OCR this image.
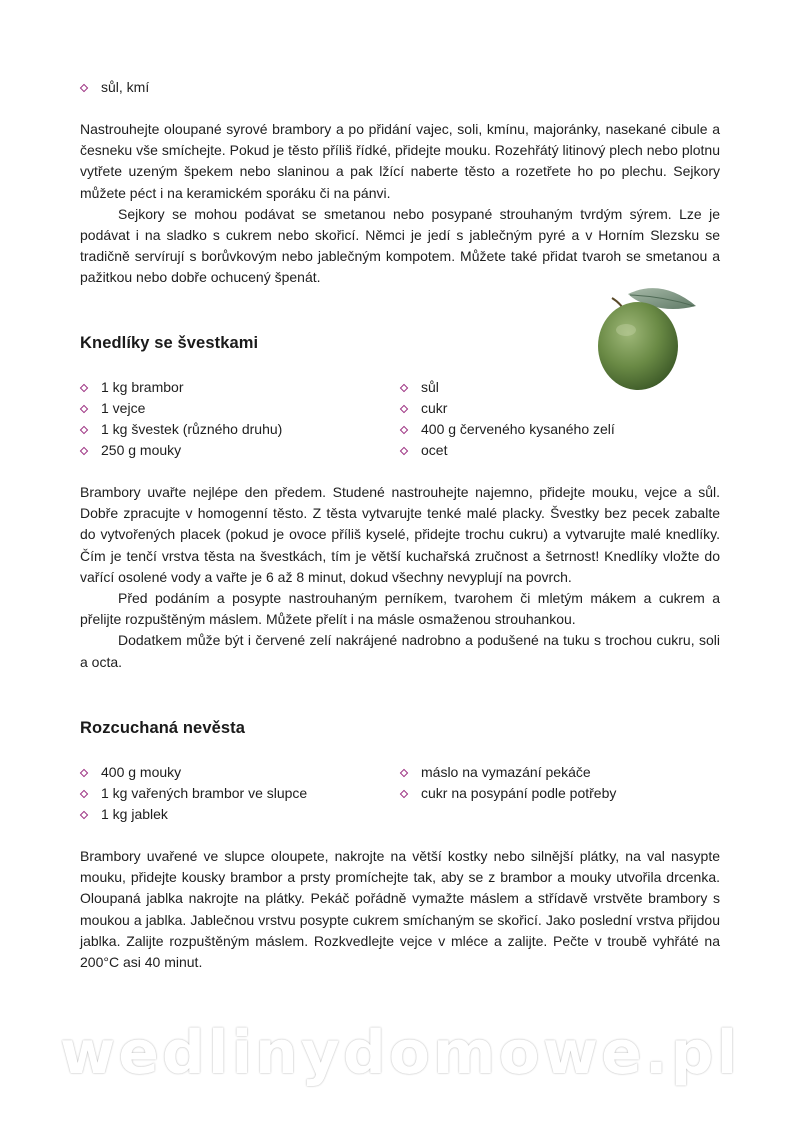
sůl, kmí

Nastrouhejte oloupané syrové brambory a po přidání vajec, soli, kmínu, majoránky, nasekané cibule a česneku vše smíchejte. Pokud je těsto příliš řídké, přidejte mouku. Rozehřátý litinový plech nebo plotnu vytřete uzeným špekem nebo slaninou a pak lžící naberte těsto a rozetřete ho po plechu. Sejkory můžete péct i na keramickém sporáku či na pánvi.

Sejkory se mohou podávat se smetanou nebo posypané strouhaným tvrdým sýrem. Lze je podávat i na sladko s cukrem nebo skořicí. Němci je jedí s jablečným pyré a v Horním Slezsku se tradičně servírují s borůvkovým nebo jablečným kompotem. Můžete také přidat tvaroh se smetanou a pažitkou nebo dobře ochucený špenát.

Knedlíky se švestkami
1 kg brambor
1 vejce
1 kg švestek (různého druhu)
250 g mouky
sůl
cukr
400 g červeného kysaného zelí
ocet

Brambory uvařte nejlépe den předem. Studené nastrouhejte najemno, přidejte mouku, vejce a sůl. Dobře zpracujte v homogenní těsto. Z těsta vytvarujte tenké malé placky. Švestky bez pecek zabalte do vytvořených placek (pokud je ovoce příliš kyselé, přidejte trochu cukru) a vytvarujte malé knedlíky. Čím je tenčí vrstva těsta na švestkách, tím je větší kuchařská zručnost a šetrnost! Knedlíky vložte do vařící osolené vody a vařte je 6 až 8 minut, dokud všechny nevyplují na povrch.

Před podáním a posypte nastrouhaným perníkem, tvarohem či mletým mákem a cukrem a přelijte rozpuštěným máslem. Můžete přelít i na másle osmaženou strouhankou.

Dodatkem může být i červené zelí nakrájené nadrobno a podušené na tuku s trochou cukru, soli a octa.

Rozcuchaná nevěsta
400 g mouky
1 kg vařených brambor ve slupce
1 kg jablek
máslo na vymazání pekáče
cukr na posypání podle potřeby

Brambory uvařené ve slupce oloupete, nakrojte na větší kostky nebo silnější plátky, na val nasypte mouku, přidejte kousky brambor a prsty promíchejte tak, aby se z brambor a mouky utvořila drcenka. Oloupaná jablka nakrojte na plátky. Pekáč pořádně vymažte máslem a střídavě vrstvěte brambory s moukou a jablka. Jablečnou vrstvu posypte cukrem smíchaným se skořicí. Jako poslední vrstva přijdou jablka. Zalijte rozpuštěným máslem. Rozkvedlejte vejce v mléce a zalijte. Pečte v troubě vyhřáté na 200°C asi 40 minut.

wedlinydomowe.pl
